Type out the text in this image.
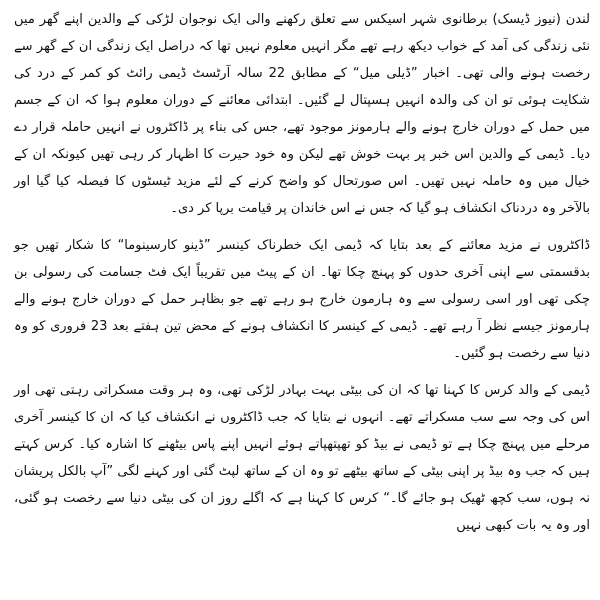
لندن (نیوز ڈیسک) برطانوی شہر اسیکس سے تعلق رکھنے والی ایک نوجوان لڑکی کے والدین اپنے گھر میں نئی زندگی کی آمد کے خواب دیکھ رہے تھے مگر انہیں معلوم نہیں تھا کہ دراصل ایک زندگی ان کے گھر سے رخصت ہونے والی تھی۔ اخبار ”ڈیلی میل“ کے مطابق 22 سالہ آرٹسٹ ڈیمی رائٹ کو کمر کے درد کی شکایت ہوئی تو ان کی والدہ انہیں ہسپتال لے گئیں۔ ابتدائی معائنے کے دوران معلوم ہوا کہ ان کے جسم میں حمل کے دوران خارج ہونے والے ہارمونز موجود تھے، جس کی بناء پر ڈاکٹروں نے انہیں حاملہ قرار دے دیا۔ ڈیمی کے والدین اس خبر پر بہت خوش تھے لیکن وہ خود حیرت کا اظہار کر رہی تھیں کیونکہ ان کے خیال میں وہ حاملہ نہیں تھیں۔ اس صورتحال کو واضح کرنے کے لئے مزید ٹیسٹوں کا فیصلہ کیا گیا اور بالآخر وہ دردناک انکشاف ہو گیا کہ جس نے اس خاندان پر قیامت برپا کر دی۔

ڈاکٹروں نے مزید معائنے کے بعد بتایا کہ ڈیمی ایک خطرناک کینسر ”ڈینو کارسینوما“ کا شکار تھیں جو بدقسمتی سے اپنی آخری حدوں کو پہنچ چکا تھا۔ ان کے پیٹ میں تقریباً ایک فٹ جسامت کی رسولی بن چکی تھی اور اسی رسولی سے وہ ہارمون خارج ہو رہے تھے جو بظاہر حمل کے دوران خارج ہونے والے ہارمونز جیسے نظر آ رہے تھے۔ ڈیمی کے کینسر کا انکشاف ہونے کے محض تین ہفتے بعد 23 فروری کو وہ دنیا سے رخصت ہو گئیں۔

ڈیمی کے والد کرس کا کہنا تھا کہ ان کی بیٹی بہت بہادر لڑکی تھی، وہ ہر وقت مسکراتی رہتی تھی اور اس کی وجہ سے سب مسکراتے تھے۔ انہوں نے بتایا کہ جب ڈاکٹروں نے انکشاف کیا کہ ان کا کینسر آخری مرحلے میں پہنچ چکا ہے تو ڈیمی نے بیڈ کو تھپتھپاتے ہوئے انہیں اپنے پاس بیٹھنے کا اشارہ کیا۔ کرس کہتے ہیں کہ جب وہ بیڈ پر اپنی بیٹی کے ساتھ بیٹھے تو وہ ان کے ساتھ لپٹ گئی اور کہنے لگی ”آپ بالکل پریشان نہ ہوں، سب کچھ ٹھیک ہو جائے گا۔“ کرس کا کہنا ہے کہ اگلے روز ان کی بیٹی دنیا سے رخصت ہو گئی، اور وہ یہ بات کبھی نہیں
